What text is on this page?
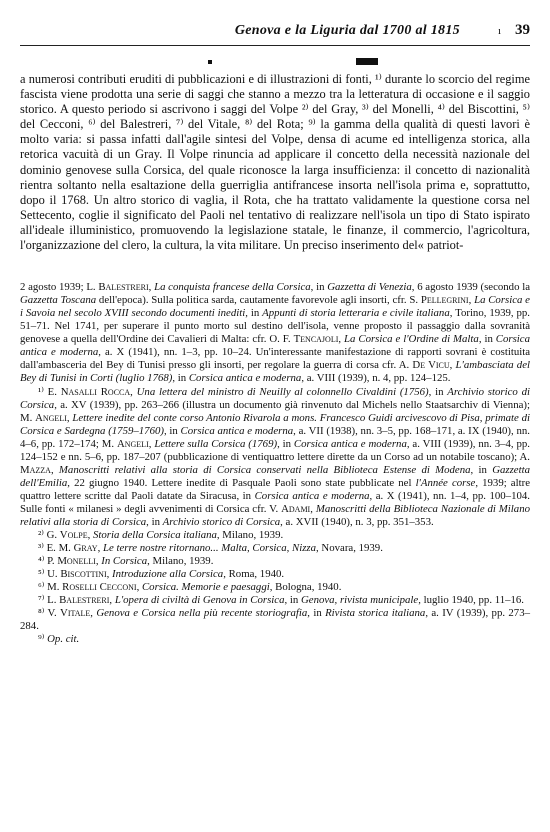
Genova e la Liguria dal 1700 al 1815	ı 39

a numerosi contributi eruditi di pubblicazioni e di illustrazioni di fonti, ¹⁾ durante lo scorcio del regime fascista viene prodotta una serie di saggi che stanno a mezzo tra la letteratura di occasione e il saggio storico. A questo periodo si ascrivono i saggi del Volpe ²⁾ del Gray, ³⁾ del Monelli, ⁴⁾ del Biscottini, ⁵⁾ del Cecconi, ⁶⁾ del Balestreri, ⁷⁾ del Vitale, ⁸⁾ del Rota; ⁹⁾ la gamma della qualità di questi lavori è molto varia: si passa infatti dall'agile sintesi del Volpe, densa di acume ed intelligenza storica, alla retorica vacuità di un Gray. Il Volpe rinuncia ad applicare il concetto della necessità nazionale del dominio genovese sulla Corsica, del quale riconosce la larga insufficienza: il concetto di nazionalità rientra soltanto nella esaltazione della guerriglia antifrancese insorta nell'isola prima e, soprattutto, dopo il 1768. Un altro storico di vaglia, il Rota, che ha trattato validamente la questione corsa nel Settecento, coglie il significato del Paoli nel tentativo di realizzare nell'isola un tipo di Stato ispirato all'ideale illuministico, promuovendo la legislazione statale, le finanze, il commercio, l'agricoltura, l'organizzazione del clero, la cultura, la vita militare. Un preciso inserimento del« patriot-

2 agosto 1939; L. Balestreri, La conquista francese della Corsica, in Gazzetta di Venezia, 6 agosto 1939 (secondo la Gazzetta Toscana dell'epoca). Sulla politica sarda, cautamente favorevole agli insorti, cfr. S. Pellegrini, La Corsica e i Savoia nel secolo XVIII secondo documenti inediti, in Appunti di storia letteraria e civile italiana, Torino, 1939, pp. 51–71. Nel 1741, per superare il punto morto sul destino dell'isola, venne proposto il passaggio dalla sovranità genovese a quella dell'Ordine dei Cavalieri di Malta: cfr. O. F. Tencajoli, La Corsica e l'Ordine di Malta, in Corsica antica e moderna, a. X (1941), nn. 1–3, pp. 10–24. Un'interessante manifestazione di rapporti sovrani è costituita dall'ambasceria del Bey di Tunisi presso gli insorti, per regolare la guerra di corsa cfr. A. De Vicu, L'ambasciata del Bey di Tunisi in Corti (luglio 1768), in Corsica antica e moderna, a. VIII (1939), n. 4, pp. 124–125.

¹⁾ E. Nasalli Rocca, Una lettera del ministro di Neuilly al colonnello Civaldini (1756), in Archivio storico di Corsica, a. XV (1939), pp. 263–266 (illustra un documento già rinvenuto dal Michels nello Staatsarchiv di Vienna); M. Angeli, Lettere inedite del conte corso Antonio Rivarola a mons. Francesco Guidi arcivescovo di Pisa, primate di Corsica e Sardegna (1759–1760), in Corsica antica e moderna, a. VII (1938), nn. 3–5, pp. 168–171, a. IX (1940), nn. 4–6, pp. 172–174; M. Angeli, Lettere sulla Corsica (1769), in Corsica antica e moderna, a. VIII (1939), nn. 3–4, pp. 124–152 e nn. 5–6, pp. 187–207 (pubblicazione di ventiquattro lettere dirette da un Corso ad un notabile toscano); A. Mazza, Manoscritti relativi alla storia di Corsica conservati nella Biblioteca Estense di Modena, in Gazzetta dell'Emilia, 22 giugno 1940. Lettere inedite di Pasquale Paoli sono state pubblicate nel l'Année corse, 1939; altre quattro lettere scritte dal Paoli datate da Siracusa, in Corsica antica e moderna, a. X (1941), nn. 1–4, pp. 100–104. Sulle fonti « milanesi » degli avvenimenti di Corsica cfr. V. Adami, Manoscritti della Biblioteca Nazionale di Milano relativi alla storia di Corsica, in Archivio storico di Corsica, a. XVII (1940), n. 3, pp. 351–353.

²⁾ G. Volpe, Storia della Corsica italiana, Milano, 1939.

³⁾ E. M. Gray, Le terre nostre ritornano... Malta, Corsica, Nizza, Novara, 1939.

⁴⁾ P. Monelli, In Corsica, Milano, 1939.

⁵⁾ U. Biscottini, Introduzione alla Corsica, Roma, 1940.

⁶⁾ M. Roselli Cecconi, Corsica. Memorie e paesaggi, Bologna, 1940.

⁷⁾ L. Balestreri, L'opera di civiltà di Genova in Corsica, in Genova, rivista municipale, luglio 1940, pp. 11–16.

⁸⁾ V. Vitale, Genova e Corsica nella più recente storiografia, in Rivista storica italiana, a. IV (1939), pp. 273–284.

⁹⁾ Op. cit.
